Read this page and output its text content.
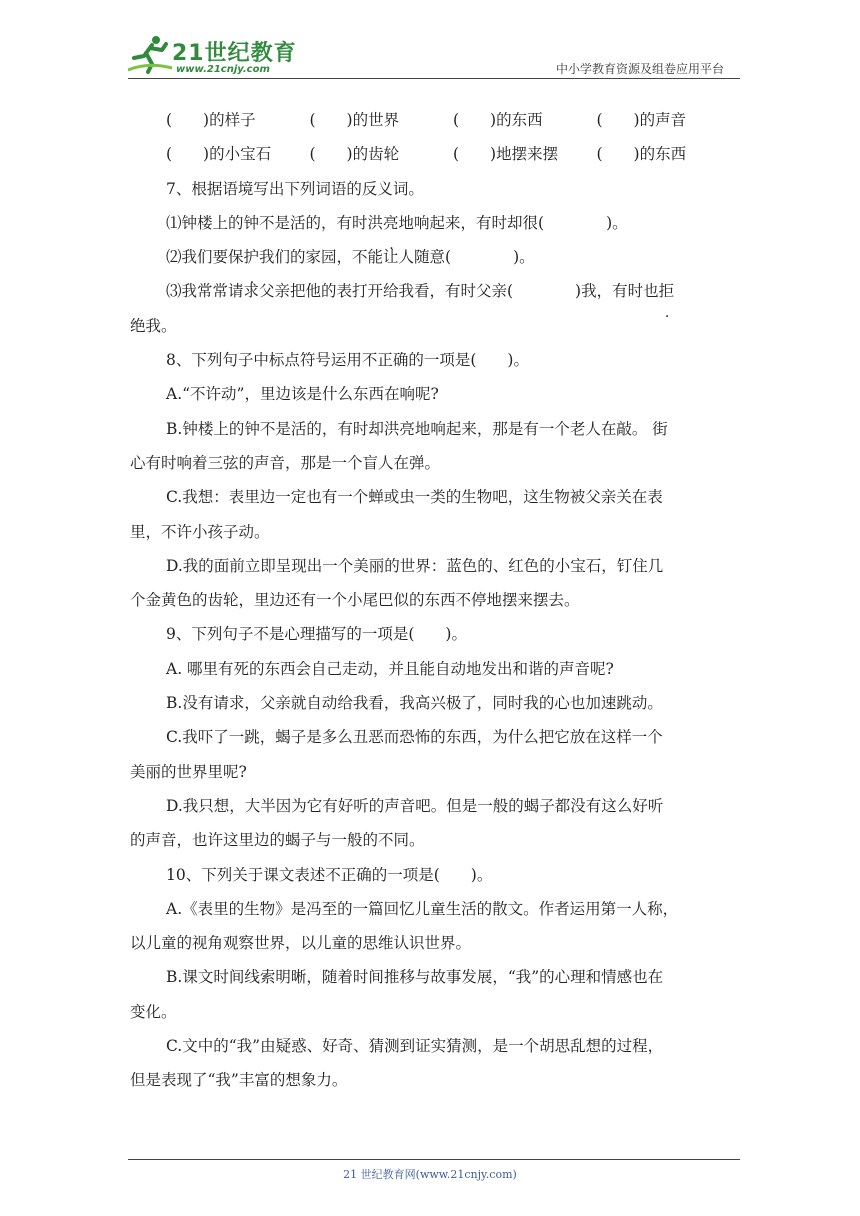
21世纪教育
www.21cnjy.com	中小学教育资源及组卷应用平台
(　　)的样子	(　　)的世界	(　　)的东西	(　　)的声音
(　　)的小宝石	(　　)的齿轮	(　　)地摆来摆	(　　)的东西
7、根据语境写出下列词语的反义词。
⑴钟楼上的钟不是活的，有时洪亮地响起来，有时却很(　　　　)。
⑵我们要保护我们的家园，不能让人随意(　　　　)。
⑶我常常请求父亲把他的表打开给我看，有时父亲(　　　　)我，有时也拒
绝我。
8、下列句子中标点符号运用不正确的一项是(　　)。
A.“不许动”，里边该是什么东西在响呢?
B.钟楼上的钟不是活的，有时却洪亮地响起来，那是有一个老人在敲。 街
心有时响着三弦的声音，那是一个盲人在弹。
C.我想：表里边一定也有一个蝉或虫一类的生物吧，这生物被父亲关在表
里，不许小孩子动。
D.我的面前立即呈现出一个美丽的世界：蓝色的、红色的小宝石，钉住几
个金黄色的齿轮，里边还有一个小尾巴似的东西不停地摆来摆去。
9、下列句子不是心理描写的一项是(　　)。
A. 哪里有死的东西会自己走动，并且能自动地发出和谐的声音呢?
B.没有请求，父亲就自动给我看，我高兴极了，同时我的心也加速跳动。
C.我吓了一跳，蝎子是多么丑恶而恐怖的东西，为什么把它放在这样一个
美丽的世界里呢?
D.我只想，大半因为它有好听的声音吧。但是一般的蝎子都没有这么好听
的声音，也许这里边的蝎子与一般的不同。
10、下列关于课文表述不正确的一项是(　　)。
A.《表里的生物》是冯至的一篇回忆儿童生活的散文。作者运用第一人称，
以儿童的视角观察世界，以儿童的思维认识世界。
B.课文时间线索明晰，随着时间推移与故事发展，“我”的心理和情感也在
变化。
C.文中的“我”由疑惑、好奇、猜测到证实猜测，是一个胡思乱想的过程，
但是表现了“我”丰富的想象力。
21 世纪教育网(www.21cnjy.com)
